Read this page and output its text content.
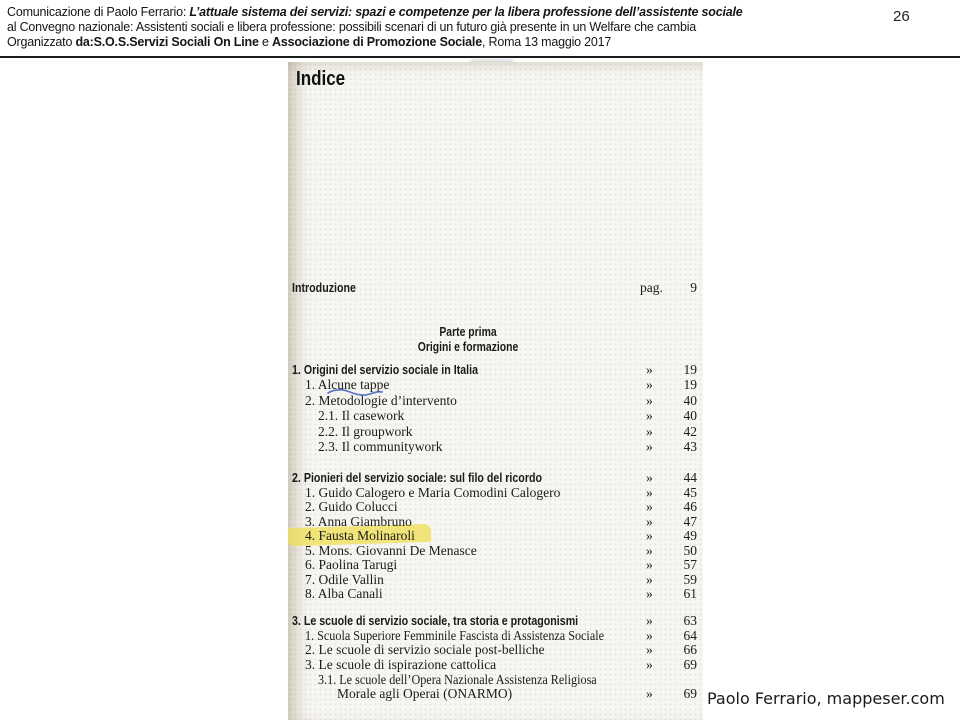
Comunicazione di Paolo Ferrario: L’attuale sistema dei servizi: spazi e competenze per la libera professione dell’assistente sociale
al Convegno nazionale: Assistenti sociali e libera professione: possibili scenari di un futuro già presente in un Welfare che cambia
Organizzato da:S.O.S.Servizi Sociali On Line e Associazione di Promozione Sociale, Roma 13 maggio 2017
26
Indice
Introduzione	pag.	9
Parte prima
Origini e formazione
1. Origini del servizio sociale in Italia	»	19
1. Alcune tappe	»	19
2. Metodologie d’intervento	»	40
2.1. Il casework	»	40
2.2. Il groupwork	»	42
2.3. Il communitywork	»	43
2. Pionieri del servizio sociale: sul filo del ricordo	»	44
1. Guido Calogero e Maria Comodini Calogero	»	45
2. Guido Colucci	»	46
3. Anna Giambruno	»	47
4. Fausta Molinaroli	»	49
5. Mons. Giovanni De Menasce	»	50
6. Paolina Tarugi	»	57
7. Odile Vallin	»	59
8. Alba Canali	»	61
3. Le scuole di servizio sociale, tra storia e protagonismi	»	63
1. Scuola Superiore Femminile Fascista di Assistenza Sociale	»	64
2. Le scuole di servizio sociale post-belliche	»	66
3. Le scuole di ispirazione cattolica	»	69
3.1. Le scuole dell’Opera Nazionale Assistenza Religiosa
Morale agli Operai (ONARMO)	»	69 Paolo Ferrario, mappeser.com
